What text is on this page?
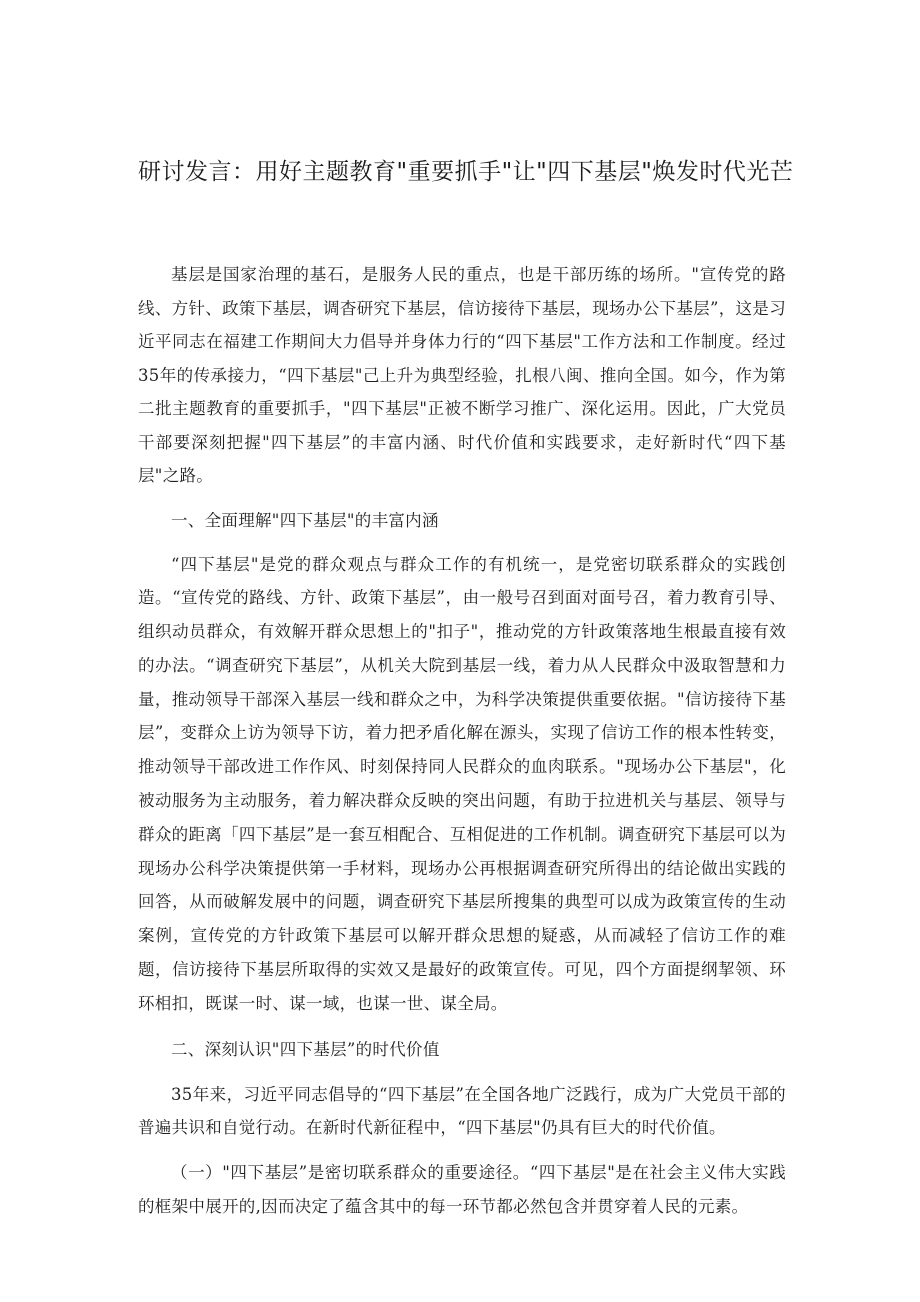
研讨发言：用好主题教育"重要抓手"让"四下基层"焕发时代光芒

基层是国家治理的基石，是服务人民的重点，也是干部历练的场所。"宣传党的路线、方针、政策下基层，调杳研究下基层，信访接待下基层，现场办公下基层”，这是习近平同志在福建工作期间大力倡导并身体力行的“四下基层"工作方法和工作制度。经过35年的传承接力，“四下基层"己上升为典型经验，扎根八闽、推向全国。如今，作为第二批主题教育的重要抓手，"四下基层"正被不断学习推广、深化运用。因此，广大党员干部要深刻把握"四下基层”的丰富内涵、时代价值和实践要求，走好新时代“四下基层"之路。

一、全面理解"四下基层"的丰富内涵

“四下基层"是党的群众观点与群众工作的有机统一，是党密切联系群众的实践创造。“宣传党的路线、方针、政策下基层”，由一般号召到面对面号召，着力教育引导、组织动员群众，有效解开群众思想上的"扣子"，推动党的方针政策落地生根最直接有效的办法。“调查研究下基层”，从机关大院到基层一线，着力从人民群众中汲取智慧和力量，推动领导干部深入基层一线和群众之中，为科学决策提供重要依据。"信访接待下基层”，变群众上访为领导下访，着力把矛盾化解在源头，实现了信访工作的根本性转变，推动领导干部改进工作作风、时刻保持同人民群众的血肉联系。"现场办公下基层"，化被动服务为主动服务，着力解决群众反映的突出问题，有助于拉进机关与基层、领导与群众的距离「四下基层”是一套互相配合、互相促进的工作机制。调查研究下基层可以为现场办公科学决策提供第一手材料，现场办公再根据调查研究所得出的结论做出实践的回答，从而破解发展中的问题，调查研究下基层所搜集的典型可以成为政策宣传的生动案例，宣传党的方针政策下基层可以解开群众思想的疑惑，从而减轻了信访工作的难题，信访接待下基层所取得的实效又是最好的政策宣传。可见，四个方面提纲挈领、环环相扣，既谋一时、谋一域，也谋一世、谋全局。

二、深刻认识"四下基层”的时代价值

35年来，习近平同志倡导的“四下基层”在全国各地广泛践行，成为广大党员干部的普遍共识和自觉行动。在新时代新征程中，“四下基层"仍具有巨大的时代价值。

（一）"四下基层”是密切联系群众的重要途径。“四下基层"是在社会主义伟大实践的框架中展开的,因而决定了蕴含其中的每一环节都必然包含并贯穿着人民的元素。
